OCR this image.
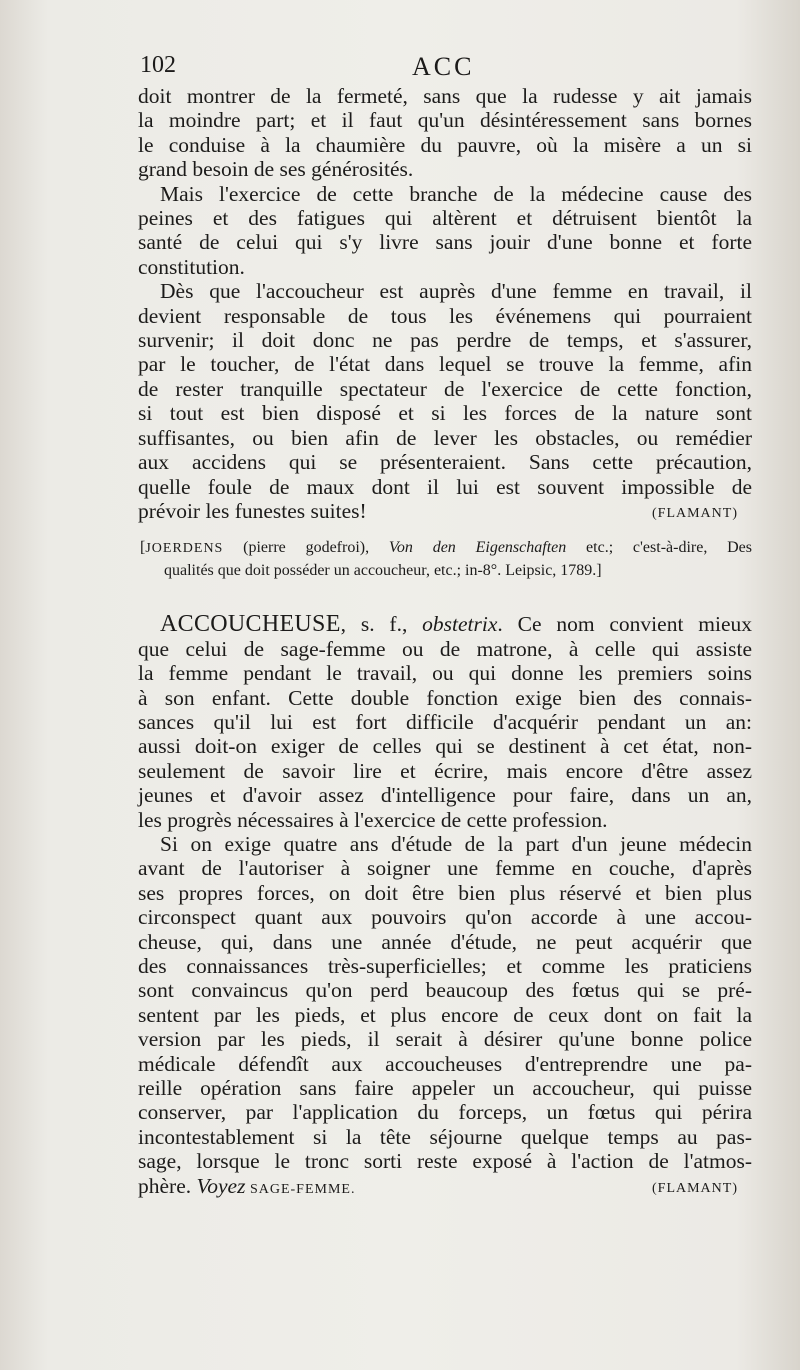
102	ACC
doit montrer de la fermeté, sans que la rudesse y ait jamais
la moindre part; et il faut qu'un désintéressement sans bornes
le conduise à la chaumière du pauvre, où la misère a un si
grand besoin de ses générosités.
Mais l'exercice de cette branche de la médecine cause des
peines et des fatigues qui altèrent et détruisent bientôt la
santé de celui qui s'y livre sans jouir d'une bonne et forte
constitution.
Dès que l'accoucheur est auprès d'une femme en travail, il
devient responsable de tous les événemens qui pourraient
survenir; il doit donc ne pas perdre de temps, et s'assurer,
par le toucher, de l'état dans lequel se trouve la femme, afin
de rester tranquille spectateur de l'exercice de cette fonction,
si tout est bien disposé et si les forces de la nature sont
suffisantes, ou bien afin de lever les obstacles, ou remédier
aux accidens qui se présenteraient. Sans cette précaution,
quelle foule de maux dont il lui est souvent impossible de
prévoir les funestes suites!	(FLAMANT)
[JOERDENS (pierre godefroi), Von den Eigenschaften etc.; c'est-à-dire, Des
qualités que doit posséder un accoucheur, etc.; in-8°. Leipsic, 1789.]
ACCOUCHEUSE, s. f., obstetrix. Ce nom convient mieux
que celui de sage-femme ou de matrone, à celle qui assiste
la femme pendant le travail, ou qui donne les premiers soins
à son enfant. Cette double fonction exige bien des connais-
sances qu'il lui est fort difficile d'acquérir pendant un an:
aussi doit-on exiger de celles qui se destinent à cet état, non-
seulement de savoir lire et écrire, mais encore d'être assez
jeunes et d'avoir assez d'intelligence pour faire, dans un an,
les progrès nécessaires à l'exercice de cette profession.
Si on exige quatre ans d'étude de la part d'un jeune médecin
avant de l'autoriser à soigner une femme en couche, d'après
ses propres forces, on doit être bien plus réservé et bien plus
circonspect quant aux pouvoirs qu'on accorde à une accou-
cheuse, qui, dans une année d'étude, ne peut acquérir que
des connaissances très-superficielles; et comme les praticiens
sont convaincus qu'on perd beaucoup des fœtus qui se pré-
sentent par les pieds, et plus encore de ceux dont on fait la
version par les pieds, il serait à désirer qu'une bonne police
médicale défendît aux accoucheuses d'entreprendre une pa-
reille opération sans faire appeler un accoucheur, qui puisse
conserver, par l'application du forceps, un fœtus qui périra
incontestablement si la tête séjourne quelque temps au pas-
sage, lorsque le tronc sorti reste exposé à l'action de l'atmos-
phère. Voyez SAGE-FEMME.	(FLAMANT)
